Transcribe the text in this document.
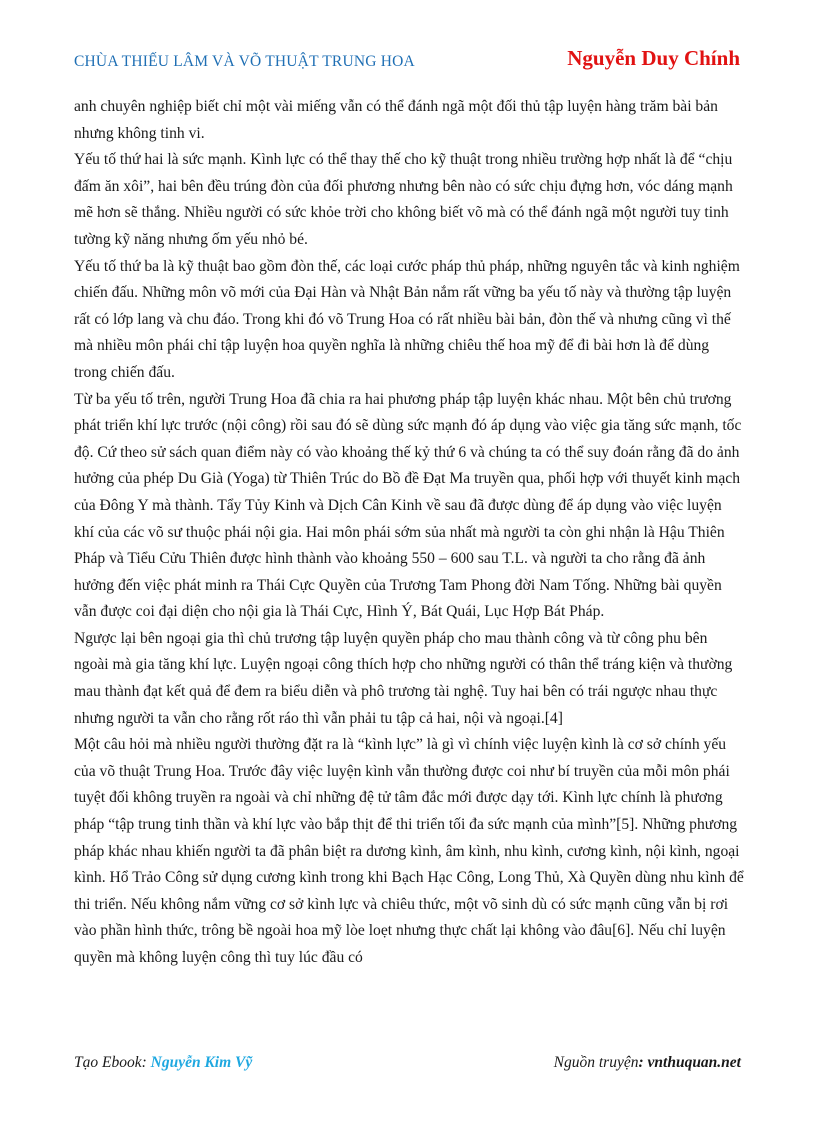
CHÙA THIẾU LÂM VÀ VÕ THUẬT TRUNG HOA	Nguyễn Duy Chính

anh chuyên nghiệp biết chỉ một vài miếng vẫn có thể đánh ngã một đối thủ tập luyện hàng trăm bài bản nhưng không tinh vi.

Yếu tố thứ hai là sức mạnh. Kình lực có thể thay thế cho kỹ thuật trong nhiều trường hợp nhất là để “chịu đấm ăn xôi”, hai bên đều trúng đòn của đối phương nhưng bên nào có sức chịu đựng hơn, vóc dáng mạnh mẽ hơn sẽ thắng. Nhiều người có sức khỏe trời cho không biết võ mà có thể đánh ngã một người tuy tinh tường kỹ năng nhưng ốm yếu nhỏ bé.

Yếu tố thứ ba là kỹ thuật bao gồm đòn thế, các loại cước pháp thủ pháp, những nguyên tắc và kinh nghiệm chiến đấu. Những môn võ mới của Đại Hàn và Nhật Bản nắm rất vững ba yếu tố này và thường tập luyện rất có lớp lang và chu đáo. Trong khi đó võ Trung Hoa có rất nhiều bài bản, đòn thế và nhưng cũng vì thế mà nhiều môn phái chỉ tập luyện hoa quyền nghĩa là những chiêu thế hoa mỹ để đi bài hơn là để dùng trong chiến đấu.

Từ ba yếu tố trên, người Trung Hoa đã chia ra hai phương pháp tập luyện khác nhau. Một bên chủ trương phát triển khí lực trước (nội công) rồi sau đó sẽ dùng sức mạnh đó áp dụng vào việc gia tăng sức mạnh, tốc độ. Cứ theo sử sách quan điểm này có vào khoảng thế kỷ thứ 6 và chúng ta có thể suy đoán rằng đã do ảnh hưởng của phép Du Già (Yoga) từ Thiên Trúc do Bồ đề Đạt Ma truyền qua, phối hợp với thuyết kinh mạch của Đông Y mà thành. Tẩy Tủy Kinh và Dịch Cân Kinh về sau đã được dùng để áp dụng vào việc luyện khí của các võ sư thuộc phái nội gia. Hai môn phái sớm sủa nhất mà người ta còn ghi nhận là Hậu Thiên Pháp và Tiểu Cửu Thiên được hình thành vào khoảng 550 – 600 sau T.L. và người ta cho rằng đã ảnh hưởng đến việc phát minh ra Thái Cực Quyền của Trương Tam Phong đời Nam Tống. Những bài quyền vẫn được coi đại diện cho nội gia là Thái Cực, Hình Ý, Bát Quái, Lục Hợp Bát Pháp.

Ngược lại bên ngoại gia thì chủ trương tập luyện quyền pháp cho mau thành công và từ công phu bên ngoài mà gia tăng khí lực. Luyện ngoại công thích hợp cho những người có thân thể tráng kiện và thường mau thành đạt kết quả để đem ra biểu diễn và phô trương tài nghệ. Tuy hai bên có trái ngược nhau thực nhưng người ta vẫn cho rằng rốt ráo thì vẫn phải tu tập cả hai, nội và ngoại.[4]

Một câu hỏi mà nhiều người thường đặt ra là “kình lực” là gì vì chính việc luyện kình là cơ sở chính yếu của võ thuật Trung Hoa. Trước đây việc luyện kình vẫn thường được coi như bí truyền của mỗi môn phái tuyệt đối không truyền ra ngoài và chỉ những đệ tử tâm đắc mới được dạy tới. Kình lực chính là phương pháp “tập trung tinh thần và khí lực vào bắp thịt để thi triển tối đa sức mạnh của mình”[5]. Những phương pháp khác nhau khiến người ta đã phân biệt ra dương kình, âm kình, nhu kình, cương kình, nội kình, ngoại kình. Hổ Trảo Công sử dụng cương kình trong khi Bạch Hạc Công, Long Thủ, Xà Quyền dùng nhu kình để thi triển. Nếu không nắm vững cơ sở kình lực và chiêu thức, một võ sinh dù có sức mạnh cũng vẫn bị rơi vào phần hình thức, trông bề ngoài hoa mỹ lòe loẹt nhưng thực chất lại không vào đâu[6]. Nếu chỉ luyện quyền mà không luyện công thì tuy lúc đầu có

Tạo Ebook: Nguyễn Kim Vỹ	Nguồn truyện: vnthuquan.net
